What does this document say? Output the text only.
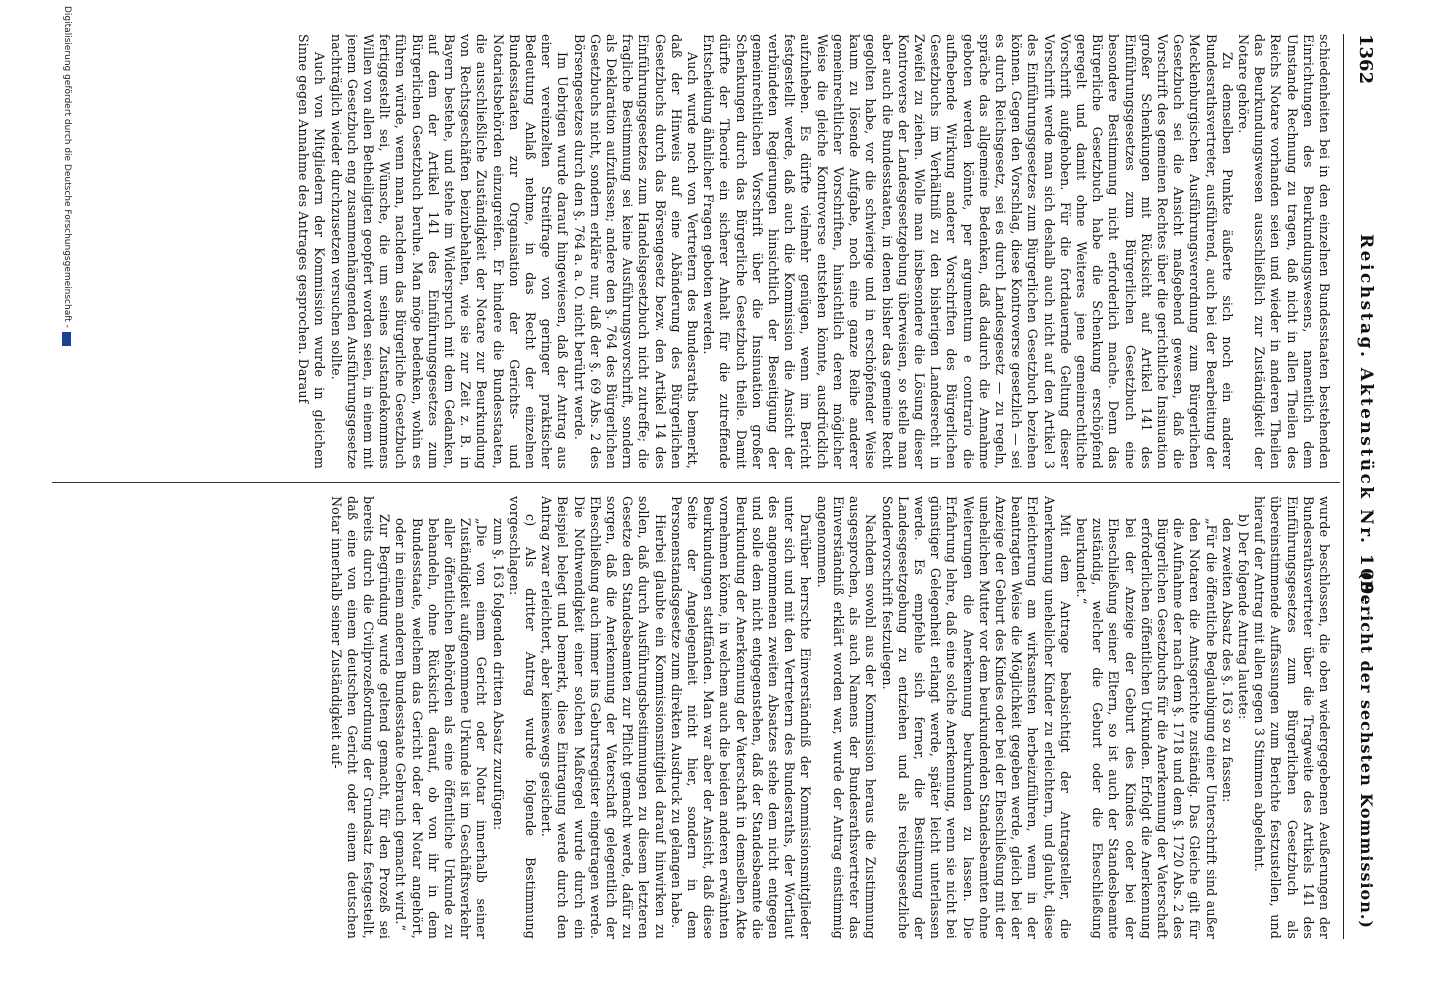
1362
Reichstag. Aktenstück Nr. 109.
(Bericht der sechsten Kommission.)

schiedenheiten bei in den einzelnen Bundesstaaten bestehenden Einrichtungen des Beurkundungswesens, namentlich dem Umstande Rechnung zu tragen, daß nicht in allen Theilen des Reichs Notare vorhanden seien und wieder in anderen Theilen das Beurkundungswesen ausschließlich zur Zuständigkeit der Notare gehöre.

Zu demselben Punkte äußerte sich noch ein anderer Bundesrathsvertreter, ausführend, auch bei der Bearbeitung der Mecklenburgischen Ausführungsverordnung zum Bürgerlichen Gesetzbuch sei die Ansicht maßgebend gewesen, daß die Vorschrift des gemeinen Rechtes über die gerichtliche Insinuation großer Schenkungen mit Rücksicht auf Artikel 141 des Einführungsgesetzes zum Bürgerlichen Gesetzbuch eine besondere Bestimmung nicht erforderlich mache. Denn das Bürgerliche Gesetzbuch habe die Schenkung erschöpfend geregelt und damit ohne Weiteres jene gemeinrechtliche Vorschrift aufgehoben. Für die fortdauernde Geltung dieser Vorschrift werde man sich deshalb auch nicht auf den Artikel 3 des Einführungsgesetzes zum Bürgerlichen Gesetzbuch beziehen können. Gegen den Vorschlag, diese Kontroverse gesetzlich — sei es durch Reichsgesetz, sei es durch Landesgesetz — zu regeln, spräche das allgemeine Bedenken, daß dadurch die Annahme geboten werden könnte, per argumentum e contrario die aufhebende Wirkung anderer Vorschriften des Bürgerlichen Gesetzbuchs im Verhältniß zu den bisherigen Landesrecht in Zweifel zu ziehen. Wolle man insbesondere die Lösung dieser Kontroverse der Landesgesetzgebung überweisen, so stelle man aber auch die Bundesstaaten, in denen bisher das gemeine Recht gegolten habe, vor die schwierige und in erschöpfender Weise kaum zu lösende Aufgabe, noch eine ganze Reihe anderer gemeinrechtlicher Vorschriften, hinsichtlich deren möglicher Weise die gleiche Kontroverse entstehen könnte, ausdrücklich aufzuheben. Es dürfte vielmehr genügen, wenn im Bericht festgestellt werde, daß auch die Kommission die Ansicht der verbündeten Regierungen hinsichtlich der Beseitigung der gemeinrechtlichen Vorschrift über die Insinuation großer Schenkungen durch das Bürgerliche Gesetzbuch theile. Damit dürfte der Theorie ein sicherer Anhalt für die zutreffende Entscheidung ähnlicher Fragen geboten werden.

Auch wurde noch von Vertretern des Bundesraths bemerkt, daß der Hinweis auf eine Abänderung des Bürgerlichen Gesetzbuchs durch das Börsengesetz bezw. den Artikel 14 des Einführungsgesetzes zum Handelsgesetzbuch nicht zutreffe; die fragliche Bestimmung sei keine Ausführungsvorschrift, sondern als Deklaration aufzufassen; andere den §. 764 des Bürgerlichen Gesetzbuchs nicht, sondern erkläre nur, daß der §. 69 Abs. 2 des Börsengesetzes durch den §. 764 a. a. O. nicht berührt werde.

Im Uebrigen wurde darauf hingewiesen, daß der Antrag aus einer vereinzelten Streitfrage von geringer praktischer Bedeutung Anlaß nehme, in das Recht der einzelnen Bundesstaaten zur Organisation der Gerichts- und Notariatsbehörden einzugreifen. Er hindere die Bundesstaaten, die ausschließliche Zuständigkeit der Notare zur Beurkundung von Rechtsgeschäften beizubehalten, wie sie zur Zeit z. B. in Bayern bestehe, und stehe im Widerspruch mit dem Gedanken, auf dem der Artikel 141 des Einführungsgesetzes zum Bürgerlichen Gesetzbuch beruhe. Man möge bedenken, wohin es führen würde, wenn man, nachdem das Bürgerliche Gesetzbuch fertiggestellt sei, Wünsche, die um seines Zustandekommens Willen von allen Betheiligten geopfert worden seien, in einem mit jenem Gesetzbuch eng zusammenhängenden Ausführungsgesetze nachträglich wieder durchzusetzen versuchen sollte.

Auch von Mitgliedern der Kommission wurde in gleichem Sinne gegen Annahme des Antrages gesprochen. Darauf

wurde beschlossen, die oben wiedergegebenen Aeußerungen der Bundesrathsvertreter über die Tragweite des Artikels 141 des Einführungsgesetzes zum Bürgerlichen Gesetzbuch als übereinstimmende Auffassungen zum Berichte festzustellen, und hierauf der Antrag mit allen gegen 3 Stimmen abgelehnt.

b) Der folgende Antrag lautete:

den zweiten Absatz des §. 163 so zu fassen:

„Für die öffentliche Beglaubigung einer Unterschrift sind außer den Notaren die Amtsgerichte zuständig. Das Gleiche gilt für die Aufnahme der nach dem §. 1718 und dem §. 1720 Abs. 2 des Bürgerlichen Gesetzbuchs für die Anerkennung der Vaterschaft erforderlichen öffentlichen Urkunden. Erfolgt die Anerkennung bei der Anzeige der Geburt des Kindes oder bei der Eheschließung seiner Eltern, so ist auch der Standesbeamte zuständig, welcher die Geburt oder die Eheschließung beurkundet.“

Mit dem Antrage beabsichtigt der Antragsteller, die Anerkennung unehelicher Kinder zu erleichtern, und glaubt, diese Erleichterung am wirksamsten herbeizuführen, wenn in der beantragten Weise die Möglichkeit gegeben werde, gleich bei der Anzeige der Geburt des Kindes oder bei der Eheschließung mit der unehelichen Mutter vor dem beurkundenden Standesbeamten ohne Weiterungen die Anerkennung beurkunden zu lassen. Die Erfahrung lehre, daß eine solche Anerkennung, wenn sie nicht bei günstiger Gelegenheit erlangt werde, später leicht unterlassen werde. Es empfehle sich ferner, die Bestimmung der Landesgesetzgebung zu entziehen und als reichsgesetzliche Sondervorschrift festzulegen.

Nachdem sowohl aus der Kommission heraus die Zustimmung ausgesprochen, als auch Namens der Bundesrathsvertreter das Einverständniß erklärt worden war, wurde der Antrag einstimmig angenommen.

Darüber herrschte Einverständniß der Kommissionsmitglieder unter sich und mit den Vertretern des Bundesraths, der Wortlaut des angenommenen zweiten Absatzes stehe dem nicht entgegen und solle dem nicht entgegenstehen, daß der Standesbeamte die Beurkundung der Anerkennung der Vaterschaft in demselben Akte vornehmen könne, in welchem auch die beiden anderen erwähnten Beurkundungen stattfänden. Man war aber der Ansicht, daß diese Seite der Angelegenheit nicht hier, sondern in dem Personenstandsgesetze zum direkten Ausdruck zu gelangen habe.

Hierbei glaubte ein Kommissionsmitglied darauf hinwirken zu sollen, daß durch Ausführungsbestimmungen zu diesem letzteren Gesetze den Standesbeamten zur Pflicht gemacht werde, dafür zu sorgen, daß die Anerkennung der Vaterschaft gelegentlich der Eheschließung auch immer ins Geburtsregister eingetragen werde. Die Nothwendigkeit einer solchen Maßregel wurde durch ein Beispiel belegt und bemerkt, diese Eintragung werde durch den Antrag zwar erleichtert, aber keineswegs gesichert.

c) Als dritter Antrag wurde folgende Bestimmung vorgeschlagen:

zum §. 163 folgenden dritten Absatz zuzufügen:

„Die von einem Gericht oder Notar innerhalb seiner Zuständigkeit aufgenommene Urkunde ist im Geschäftsverkehr aller öffentlichen Behörden als eine öffentliche Urkunde zu behandeln, ohne Rücksicht darauf, ob von ihr in dem Bundesstaate, welchem das Gericht oder der Notar angehört, oder in einem anderen Bundesstaate Gebrauch gemacht wird.“

Zur Begründung wurde geltend gemacht, für den Prozeß sei bereits durch die Civilprozeßordnung der Grundsatz festgestellt, daß eine von einem deutschen Gericht oder einem deutschen Notar innerhalb seiner Zuständigkeit auf-

Digitalisierung gefördert durch die Deutsche Forschungsgemeinschaft -
